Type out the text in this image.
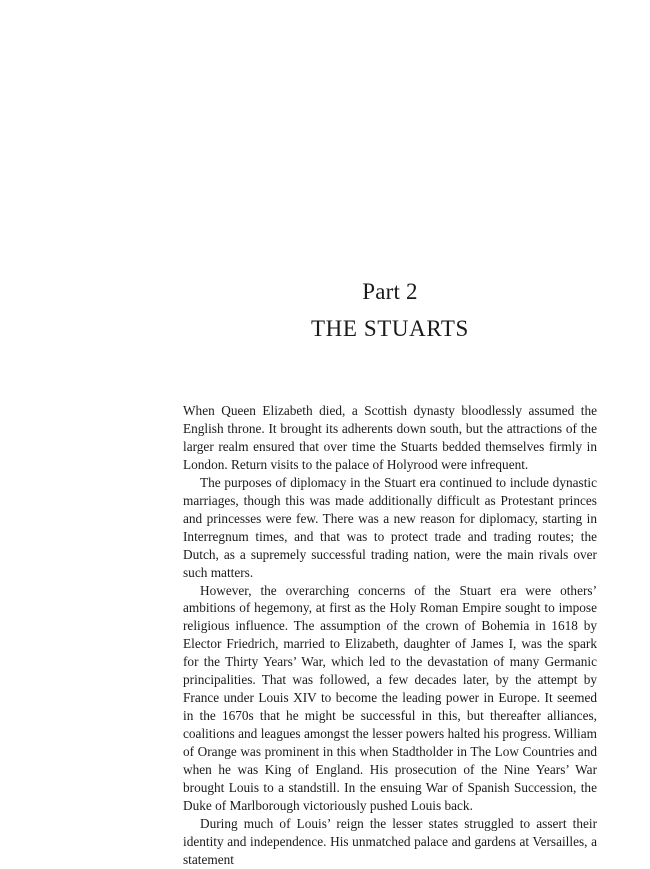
Part 2
THE STUARTS

When Queen Elizabeth died, a Scottish dynasty bloodlessly assumed the English throne. It brought its adherents down south, but the attractions of the larger realm ensured that over time the Stuarts bedded themselves firmly in London. Return visits to the palace of Holyrood were infrequent.

The purposes of diplomacy in the Stuart era continued to include dynastic marriages, though this was made additionally difficult as Protestant princes and princesses were few. There was a new reason for diplomacy, starting in Interregnum times, and that was to protect trade and trading routes; the Dutch, as a supremely successful trading nation, were the main rivals over such matters.

However, the overarching concerns of the Stuart era were others’ ambitions of hegemony, at first as the Holy Roman Empire sought to impose religious influence. The assumption of the crown of Bohemia in 1618 by Elector Friedrich, married to Elizabeth, daughter of James I, was the spark for the Thirty Years’ War, which led to the devastation of many Germanic principalities. That was followed, a few decades later, by the attempt by France under Louis XIV to become the leading power in Europe. It seemed in the 1670s that he might be successful in this, but thereafter alliances, coalitions and leagues amongst the lesser powers halted his progress. William of Orange was prominent in this when Stadtholder in The Low Countries and when he was King of England. His prosecution of the Nine Years’ War brought Louis to a standstill. In the ensuing War of Spanish Succession, the Duke of Marlborough victoriously pushed Louis back.

During much of Louis’ reign the lesser states struggled to assert their identity and independence. His unmatched palace and gardens at Versailles, a statement
